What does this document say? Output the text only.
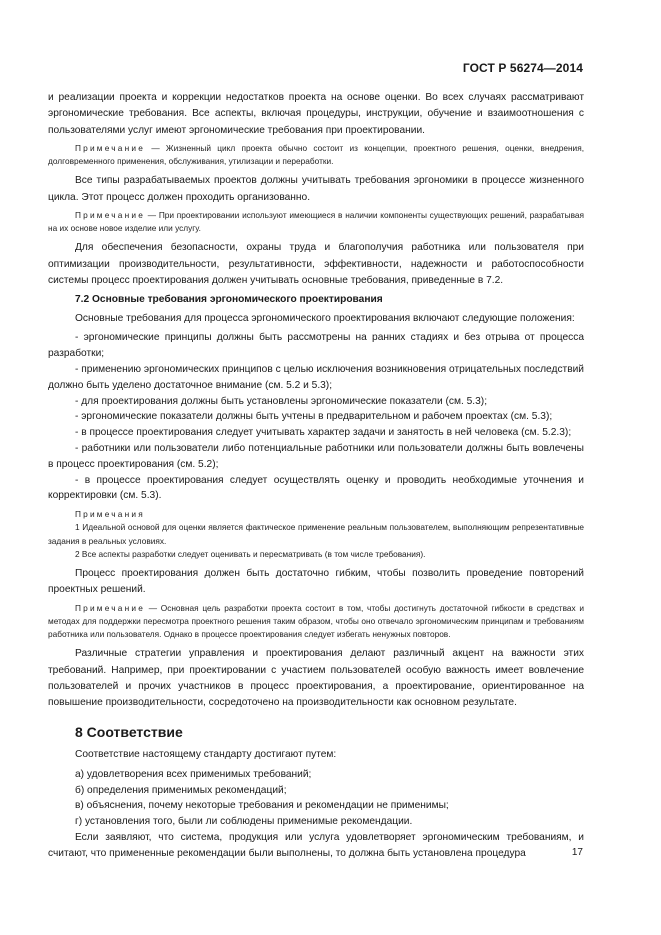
ГОСТ Р 56274—2014

и реализации проекта и коррекции недостатков проекта на основе оценки. Во всех случаях рассматривают эргономические требования. Все аспекты, включая процедуры, инструкции, обучение и взаимоотношения с пользователями услуг имеют эргономические требования при проектировании.

Примечание — Жизненный цикл проекта обычно состоит из концепции, проектного решения, оценки, внедрения, долговременного применения, обслуживания, утилизации и переработки.

Все типы разрабатываемых проектов должны учитывать требования эргономики в процессе жизненного цикла. Этот процесс должен проходить организованно.

Примечание — При проектировании используют имеющиеся в наличии компоненты существующих решений, разрабатывая на их основе новое изделие или услугу.

Для обеспечения безопасности, охраны труда и благополучия работника или пользователя при оптимизации производительности, результативности, эффективности, надежности и работоспособности системы процесс проектирования должен учитывать основные требования, приведенные в 7.2.

7.2 Основные требования эргономического проектирования

Основные требования для процесса эргономического проектирования включают следующие положения:

- эргономические принципы должны быть рассмотрены на ранних стадиях и без отрыва от процесса разработки;

- применению эргономических принципов с целью исключения возникновения отрицательных последствий должно быть уделено достаточное внимание (см. 5.2 и 5.3);

- для проектирования должны быть установлены эргономические показатели (см. 5.3);

- эргономические показатели должны быть учтены в предварительном и рабочем проектах (см. 5.3);

- в процессе проектирования следует учитывать характер задачи и занятость в ней человека (см. 5.2.3);

- работники или пользователи либо потенциальные работники или пользователи должны быть вовлечены в процесс проектирования (см. 5.2);

- в процессе проектирования следует осуществлять оценку и проводить необходимые уточнения и корректировки (см. 5.3).

Примечания

1 Идеальной основой для оценки является фактическое применение реальным пользователем, выполняющим репрезентативные задания в реальных условиях.

2 Все аспекты разработки следует оценивать и пересматривать (в том числе требования).

Процесс проектирования должен быть достаточно гибким, чтобы позволить проведение повторений проектных решений.

Примечание — Основная цель разработки проекта состоит в том, чтобы достигнуть достаточной гибкости в средствах и методах для поддержки пересмотра проектного решения таким образом, чтобы оно отвечало эргономическим принципам и требованиям работника или пользователя. Однако в процессе проектирования следует избегать ненужных повторов.

Различные стратегии управления и проектирования делают различный акцент на важности этих требований. Например, при проектировании с участием пользователей особую важность имеет вовлечение пользователей и прочих участников в процесс проектирования, а проектирование, ориентированное на повышение производительности, сосредоточено на производительности как основном результате.

8 Соответствие

Соответствие настоящему стандарту достигают путем:

а) удовлетворения всех применимых требований;

б) определения применимых рекомендаций;

в) объяснения, почему некоторые требования и рекомендации не применимы;

г) установления того, были ли соблюдены применимые рекомендации.

Если заявляют, что система, продукция или услуга удовлетворяет эргономическим требованиям, и считают, что примененные рекомендации были выполнены, то должна быть установлена процедура	17
